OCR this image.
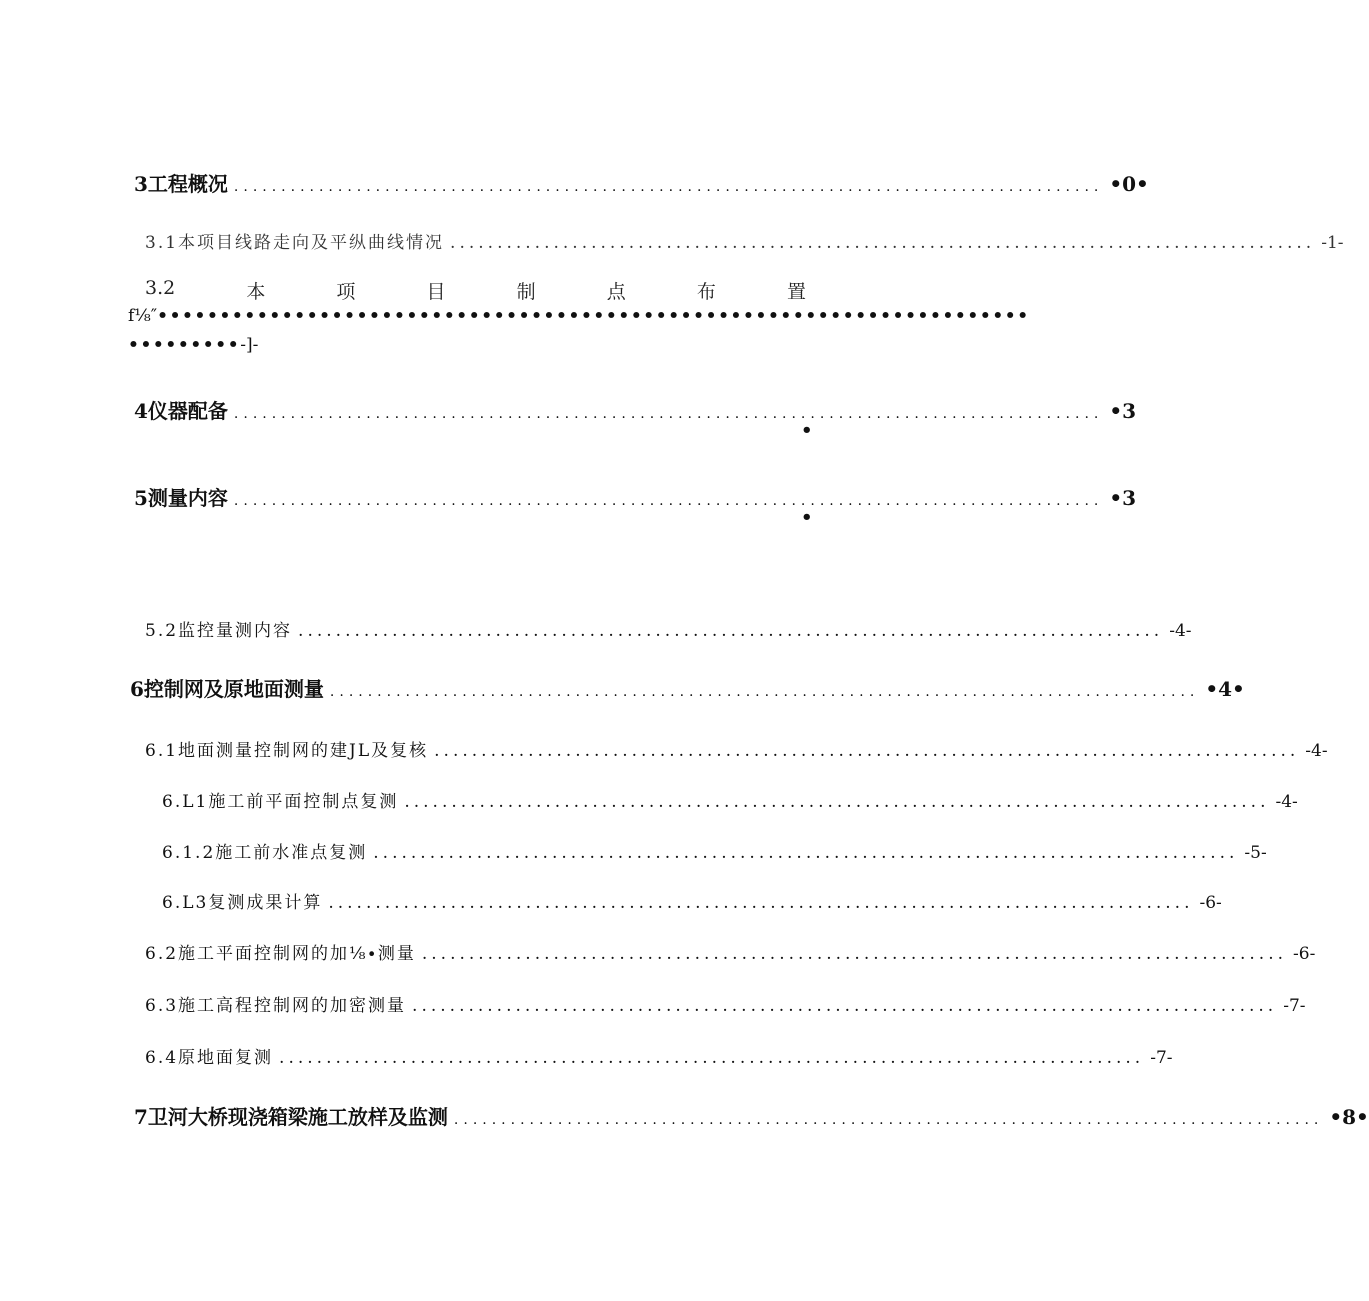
3工程概况 ............................................................................................ •0•
3.1本项目线路走向及平纵曲线情况 ............................................................................................ -1-
3.2	本	项	目	制	点	布	置
f⅛″••••••••••••••••••••••••••••••••••••••••••••••••••••••••••••••••••••••
•••••••••-]-
4仪器配备 ............................................................................................ •3
•
5测量内容 ............................................................................................ •3
•
5.2监控量测内容 ............................................................................................ -4-
6控制网及原地面测量 ............................................................................................ •4•
6.1地面测量控制网的建JL及复核 ............................................................................................ -4-
6.L1施工前平面控制点复测 ............................................................................................ -4-
6.1.2施工前水准点复测 ............................................................................................ -5-
6.L3复测成果计算 ............................................................................................ -6-
6.2施工平面控制网的加⅛∙测量 ............................................................................................ -6-
6.3施工高程控制网的加密测量 ............................................................................................ -7-
6.4原地面复测 ............................................................................................ -7-
7卫河大桥现浇箱梁施工放样及监测 ............................................................................................ •8•
